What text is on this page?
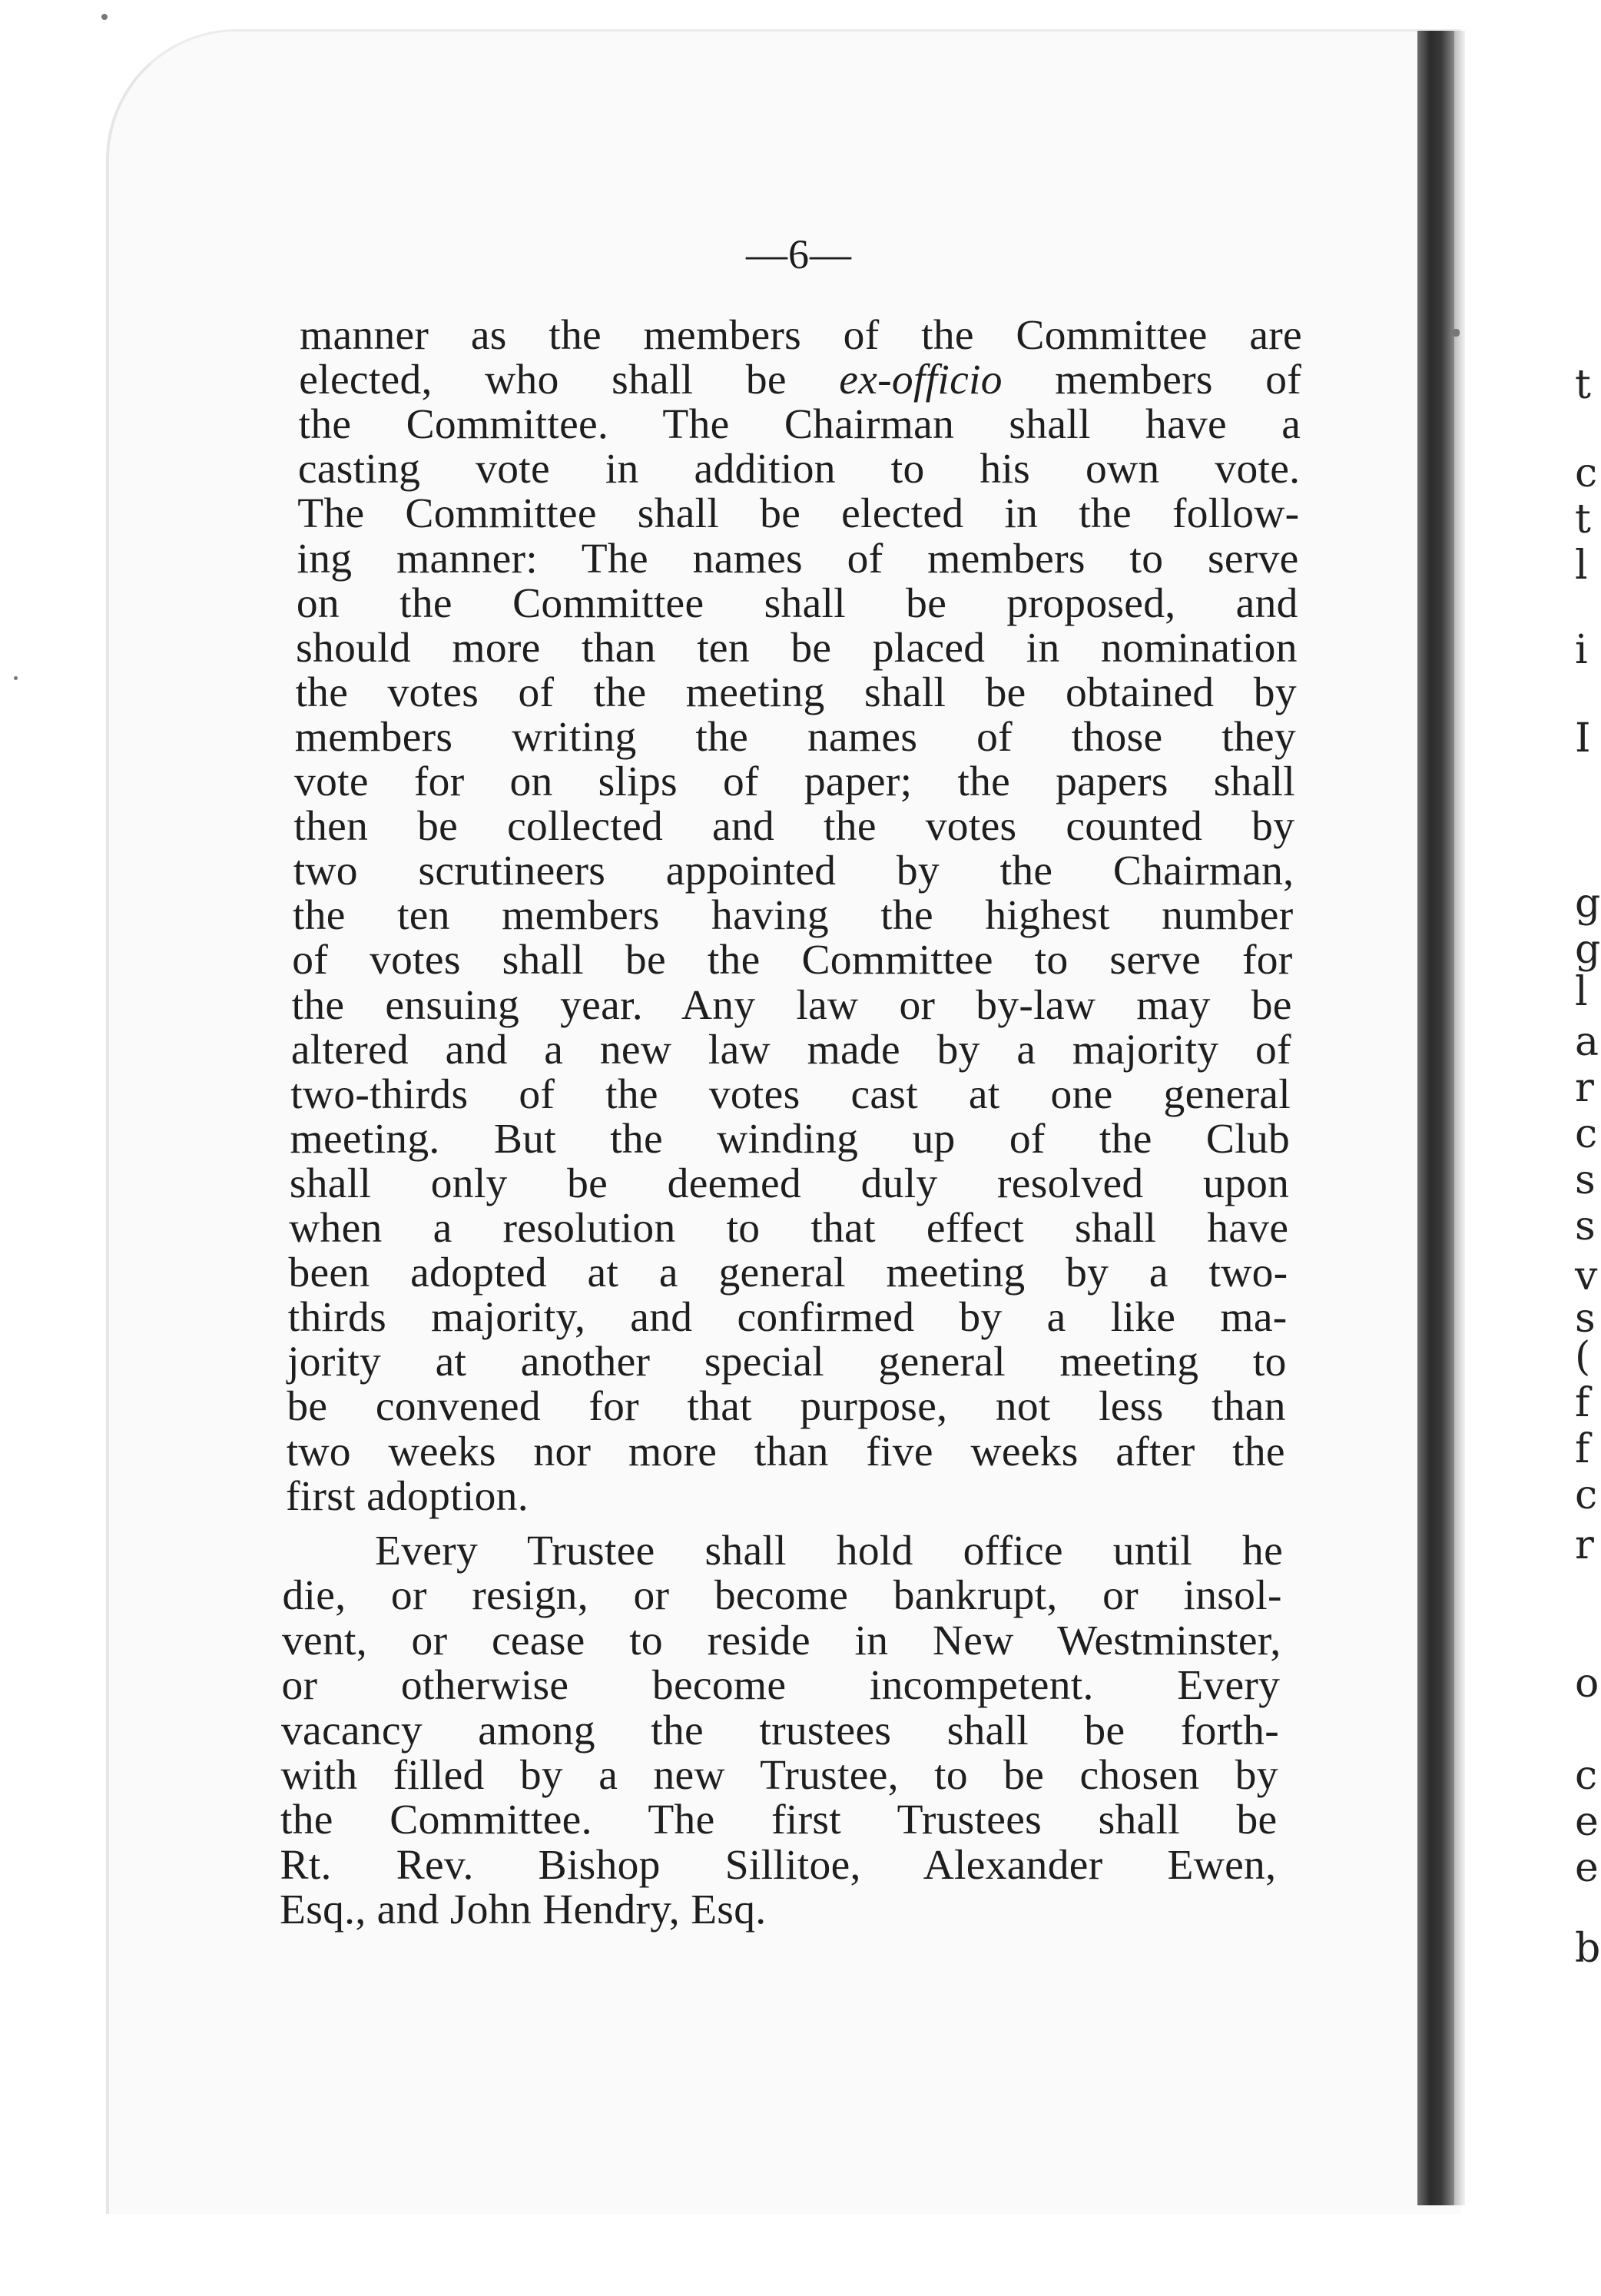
—6—
manner as the members of the Committee are
elected, who shall be ex-officio members of
the Committee. The Chairman shall have a
casting vote in addition to his own vote.
The Committee shall be elected in the follow-
ing manner: The names of members to serve
on the Committee shall be proposed, and
should more than ten be placed in nomination
the votes of the meeting shall be obtained by
members writing the names of those they
vote for on slips of paper; the papers shall
then be collected and the votes counted by
two scrutineers appointed by the Chairman,
the ten members having the highest number
of votes shall be the Committee to serve for
the ensuing year. Any law or by-law may be
altered and a new law made by a majority of
two-thirds of the votes cast at one general
meeting. But the winding up of the Club
shall only be deemed duly resolved upon
when a resolution to that effect shall have
been adopted at a general meeting by a two-
thirds majority, and confirmed by a like ma-
jority at another special general meeting to
be convened for that purpose, not less than
two weeks nor more than five weeks after the
first adoption.
Every Trustee shall hold office until he
die, or resign, or become bankrupt, or insol-
vent, or cease to reside in New Westminster,
or otherwise become incompetent. Every
vacancy among the trustees shall be forth-
with filled by a new Trustee, to be chosen by
the Committee. The first Trustees shall be
Rt. Rev. Bishop Sillitoe, Alexander Ewen,
Esq., and John Hendry, Esq.
t
c
t
l
i
I
g
g
l
a
r
c
s
s
v
s
(
f
f
c
r
o
c
e
e
b
